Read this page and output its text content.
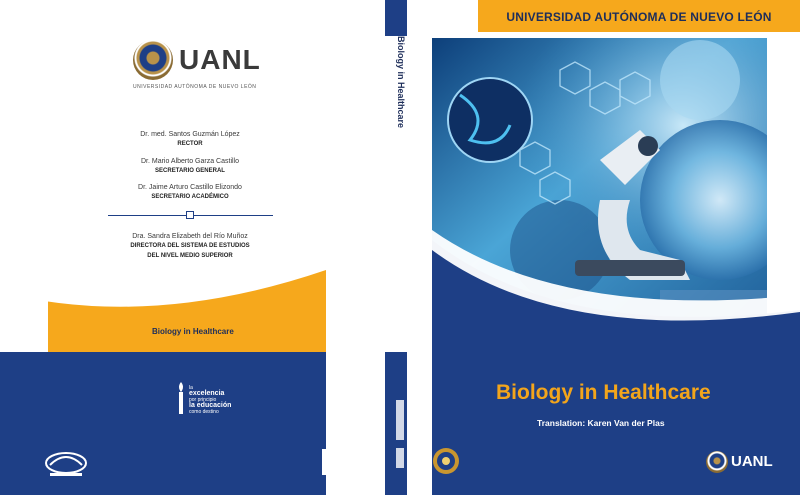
UANL
UNIVERSIDAD AUTÓNOMA DE NUEVO LEÓN
Dr. med. Santos Guzmán López
RECTOR
Dr. Mario Alberto Garza Castillo
SECRETARIO GENERAL
Dr. Jaime Arturo Castillo Elizondo
SECRETARIO ACADÉMICO
Dra. Sandra Elizabeth del Río Muñoz
DIRECTORA DEL SISTEMA DE ESTUDIOS
DEL NIVEL MEDIO SUPERIOR
Biology in Healthcare
la
excelencia
por principio
la educación
como destino
Biology in Healthcare
UNIVERSIDAD AUTÓNOMA DE NUEVO LEÓN
Biology in Healthcare
Translation: Karen Van der Plas
UANL
